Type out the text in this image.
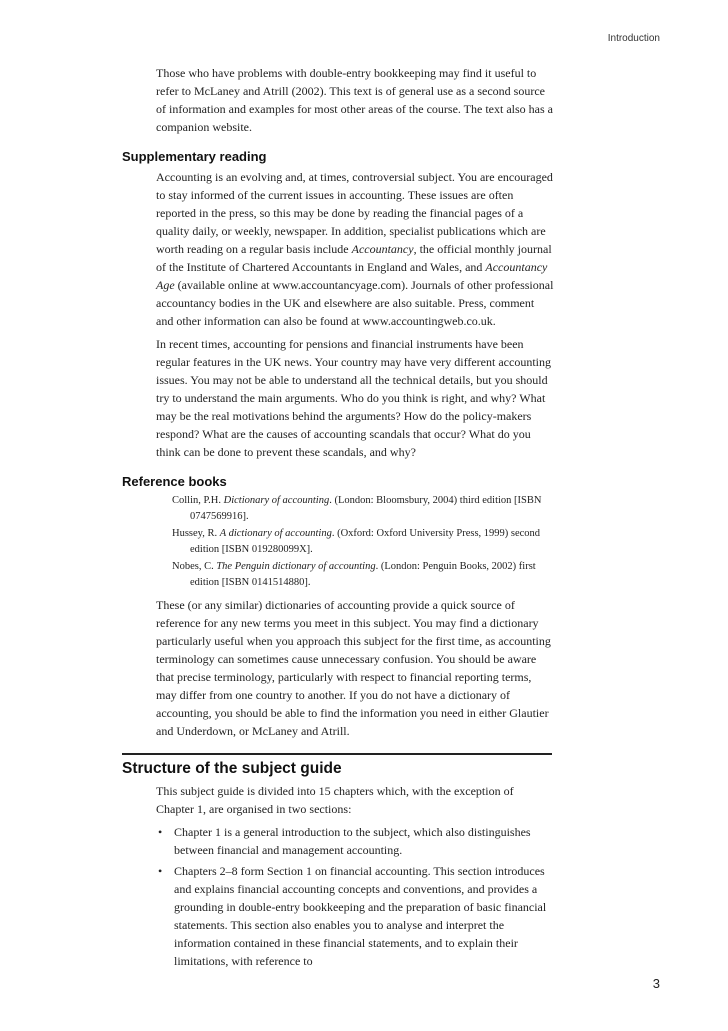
Introduction

Those who have problems with double-entry bookkeeping may find it useful to refer to McLaney and Atrill (2002). This text is of general use as a second source of information and examples for most other areas of the course. The text also has a companion website.

Supplementary reading

Accounting is an evolving and, at times, controversial subject. You are encouraged to stay informed of the current issues in accounting. These issues are often reported in the press, so this may be done by reading the financial pages of a quality daily, or weekly, newspaper. In addition, specialist publications which are worth reading on a regular basis include Accountancy, the official monthly journal of the Institute of Chartered Accountants in England and Wales, and Accountancy Age (available online at www.accountancyage.com). Journals of other professional accountancy bodies in the UK and elsewhere are also suitable. Press, comment and other information can also be found at www.accountingweb.co.uk.

In recent times, accounting for pensions and financial instruments have been regular features in the UK news. Your country may have very different accounting issues. You may not be able to understand all the technical details, but you should try to understand the main arguments. Who do you think is right, and why? What may be the real motivations behind the arguments? How do the policy-makers respond? What are the causes of accounting scandals that occur? What do you think can be done to prevent these scandals, and why?

Reference books
Collin, P.H. Dictionary of accounting. (London: Bloomsbury, 2004) third edition [ISBN 0747569916].
Hussey, R. A dictionary of accounting. (Oxford: Oxford University Press, 1999) second edition [ISBN 019280099X].
Nobes, C. The Penguin dictionary of accounting. (London: Penguin Books, 2002) first edition [ISBN 0141514880].

These (or any similar) dictionaries of accounting provide a quick source of reference for any new terms you meet in this subject. You may find a dictionary particularly useful when you approach this subject for the first time, as accounting terminology can sometimes cause unnecessary confusion. You should be aware that precise terminology, particularly with respect to financial reporting terms, may differ from one country to another. If you do not have a dictionary of accounting, you should be able to find the information you need in either Glautier and Underdown, or McLaney and Atrill.

Structure of the subject guide

This subject guide is divided into 15 chapters which, with the exception of Chapter 1, are organised in two sections:

• Chapter 1 is a general introduction to the subject, which also distinguishes between financial and management accounting.
• Chapters 2–8 form Section 1 on financial accounting. This section introduces and explains financial accounting concepts and conventions, and provides a grounding in double-entry bookkeeping and the preparation of basic financial statements. This section also enables you to analyse and interpret the information contained in these financial statements, and to explain their limitations, with reference to
3
